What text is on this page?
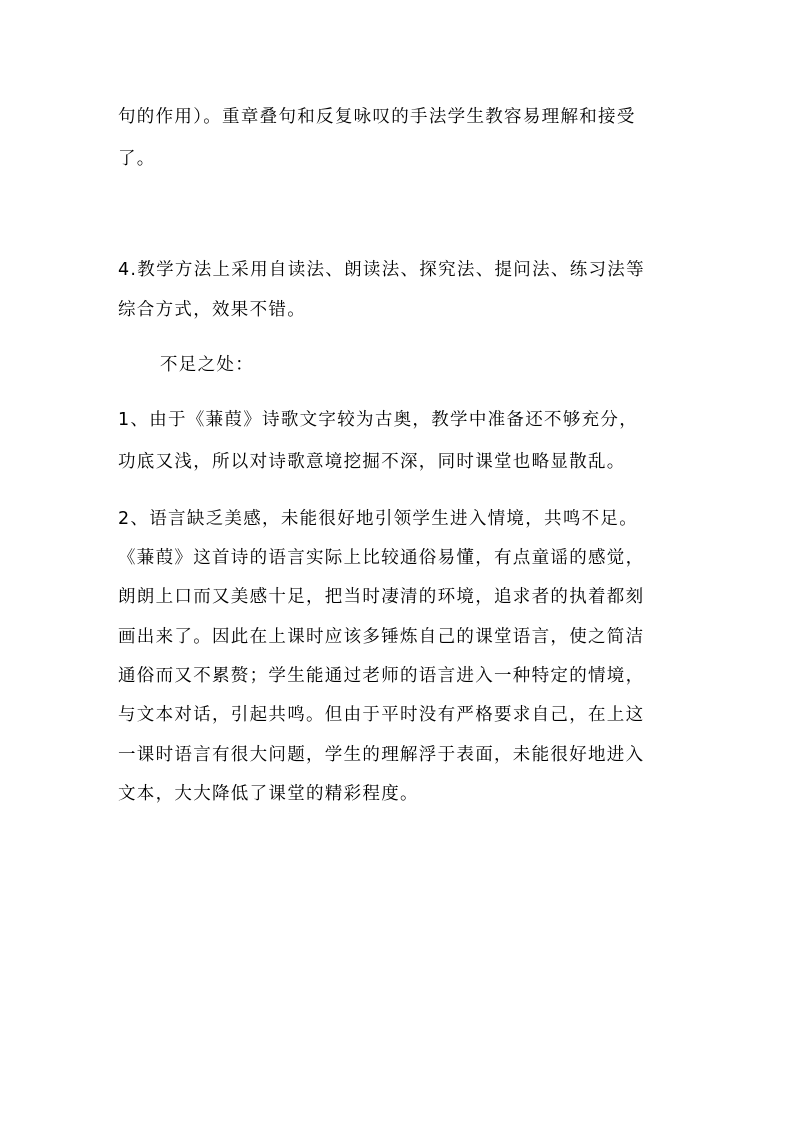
句的作用）。重章叠句和反复咏叹的手法学生教容易理解和接受
了。
4.教学方法上采用自读法、朗读法、探究法、提问法、练习法等
综合方式，效果不错。
不足之处：
1、由于《蒹葭》诗歌文字较为古奥，教学中准备还不够充分，
功底又浅，所以对诗歌意境挖掘不深，同时课堂也略显散乱。
2、语言缺乏美感，未能很好地引领学生进入情境，共鸣不足。
《蒹葭》这首诗的语言实际上比较通俗易懂，有点童谣的感觉，
朗朗上口而又美感十足，把当时凄清的环境，追求者的执着都刻
画出来了。因此在上课时应该多锤炼自己的课堂语言，使之简洁
通俗而又不累赘；学生能通过老师的语言进入一种特定的情境，
与文本对话，引起共鸣。但由于平时没有严格要求自己，在上这
一课时语言有很大问题，学生的理解浮于表面，未能很好地进入
文本，大大降低了课堂的精彩程度。
